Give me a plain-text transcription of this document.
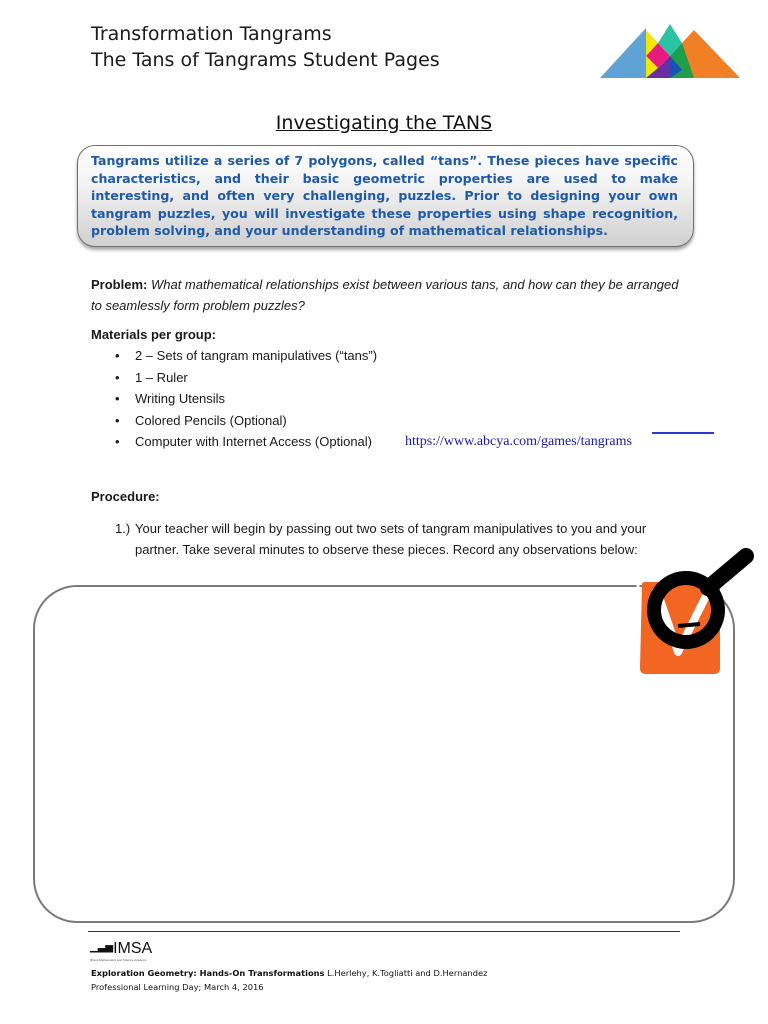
Transformation Tangrams
The Tans of Tangrams Student Pages
Investigating the TANS
Tangrams utilize a series of 7 polygons, called “tans”. These pieces have specific characteristics, and their basic geometric properties are used to make interesting, and often very challenging, puzzles. Prior to designing your own tangram puzzles, you will investigate these properties using shape recognition, problem solving, and your understanding of mathematical relationships.
Problem: What mathematical relationships exist between various tans, and how can they be arranged to seamlessly form problem puzzles?
Materials per group:
• 2 – Sets of tangram manipulatives (“tans”)
• 1 – Ruler
• Writing Utensils
• Colored Pencils (Optional)
• Computer with Internet Access (Optional)	https://www.abcya.com/games/tangrams
Procedure:
1.) Your teacher will begin by passing out two sets of tangram manipulatives to you and your partner. Take several minutes to observe these pieces. Record any observations below:
▁▃▅IMSA
Illinois Mathematics and Science Academy
Exploration Geometry: Hands-On Transformations L.Herlehy, K.Togliatti and D.Hernandez
Professional Learning Day; March 4, 2016
